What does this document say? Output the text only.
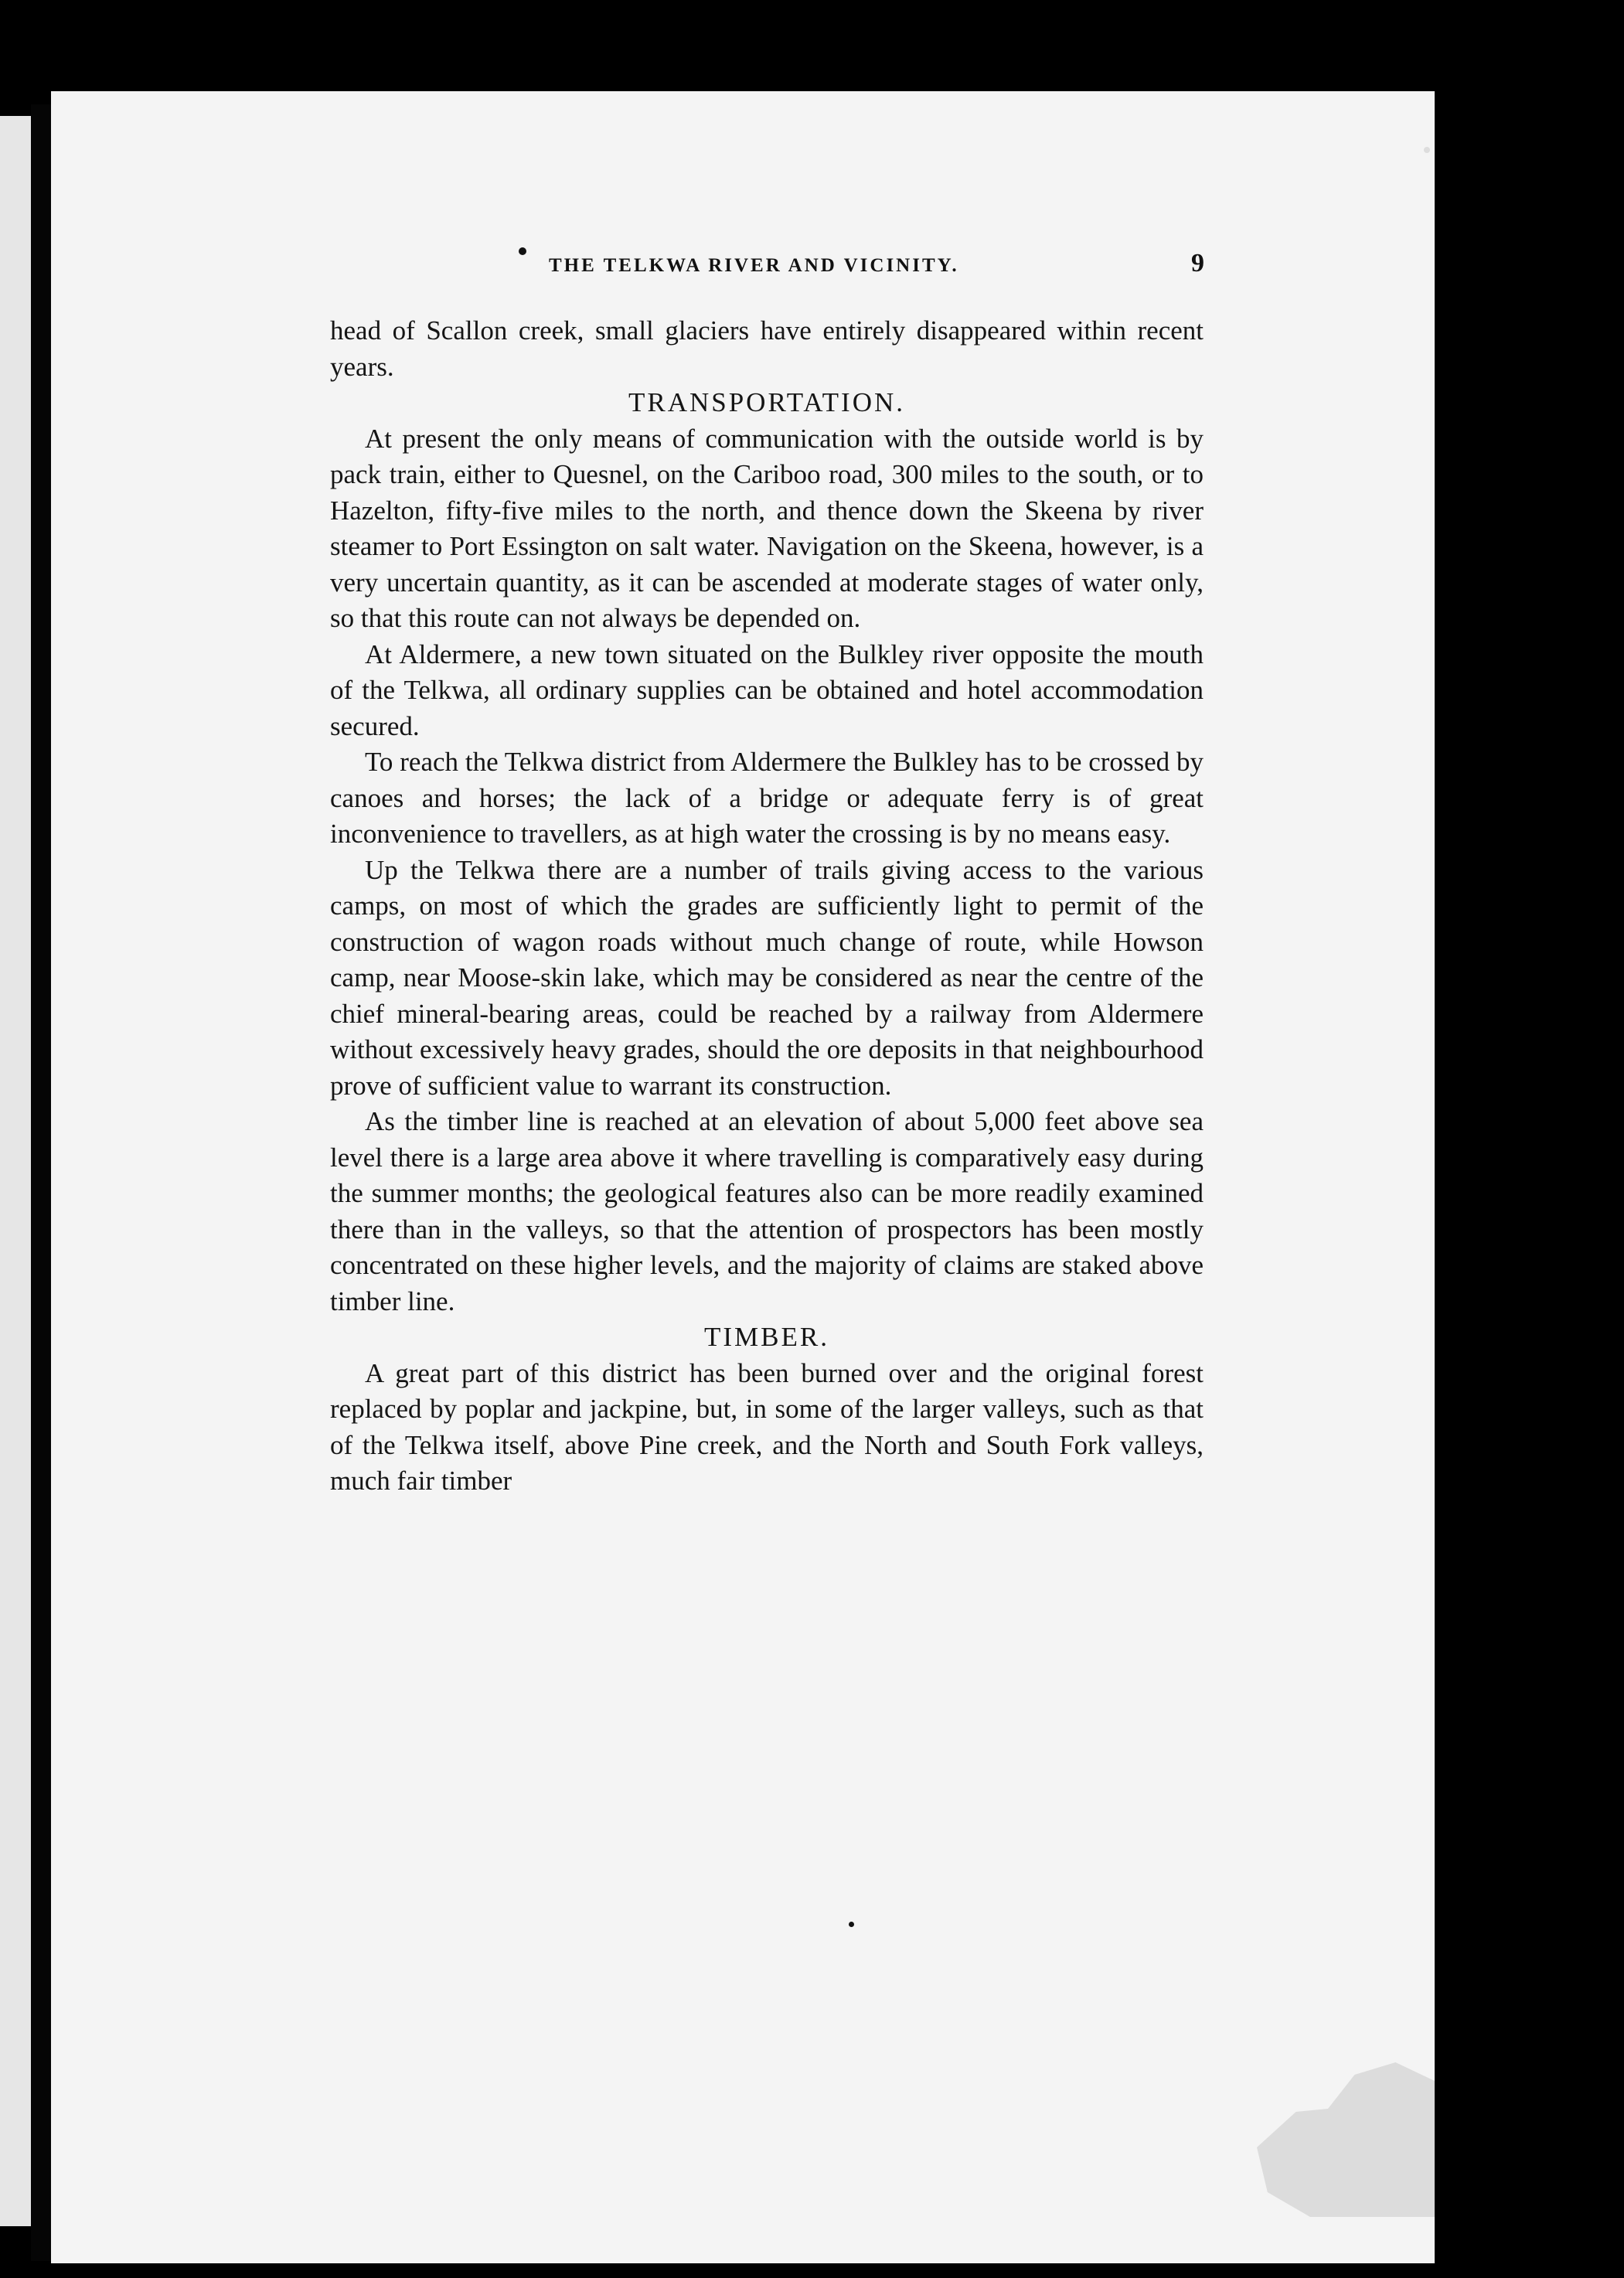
THE TELKWA RIVER AND VICINITY.	9

head of Scallon creek, small glaciers have entirely disappeared within recent years.

TRANSPORTATION.

At present the only means of communication with the outside world is by pack train, either to Quesnel, on the Cariboo road, 300 miles to the south, or to Hazelton, fifty-five miles to the north, and thence down the Skeena by river steamer to Port Essington on salt water. Navigation on the Skeena, however, is a very uncertain quantity, as it can be ascended at moderate stages of water only, so that this route can not always be depended on.

At Aldermere, a new town situated on the Bulkley river opposite the mouth of the Telkwa, all ordinary supplies can be obtained and hotel accommodation secured.

To reach the Telkwa district from Aldermere the Bulkley has to be crossed by canoes and horses; the lack of a bridge or adequate ferry is of great inconvenience to travellers, as at high water the crossing is by no means easy.

Up the Telkwa there are a number of trails giving access to the various camps, on most of which the grades are sufficiently light to permit of the construction of wagon roads without much change of route, while Howson camp, near Moose-skin lake, which may be considered as near the centre of the chief mineral-bearing areas, could be reached by a railway from Aldermere without excessively heavy grades, should the ore deposits in that neighbourhood prove of sufficient value to warrant its construction.

As the timber line is reached at an elevation of about 5,000 feet above sea level there is a large area above it where travelling is comparatively easy during the summer months; the geological features also can be more readily examined there than in the valleys, so that the attention of prospectors has been mostly concentrated on these higher levels, and the majority of claims are staked above timber line.

TIMBER.

A great part of this district has been burned over and the original forest replaced by poplar and jackpine, but, in some of the larger valleys, such as that of the Telkwa itself, above Pine creek, and the North and South Fork valleys, much fair timber
